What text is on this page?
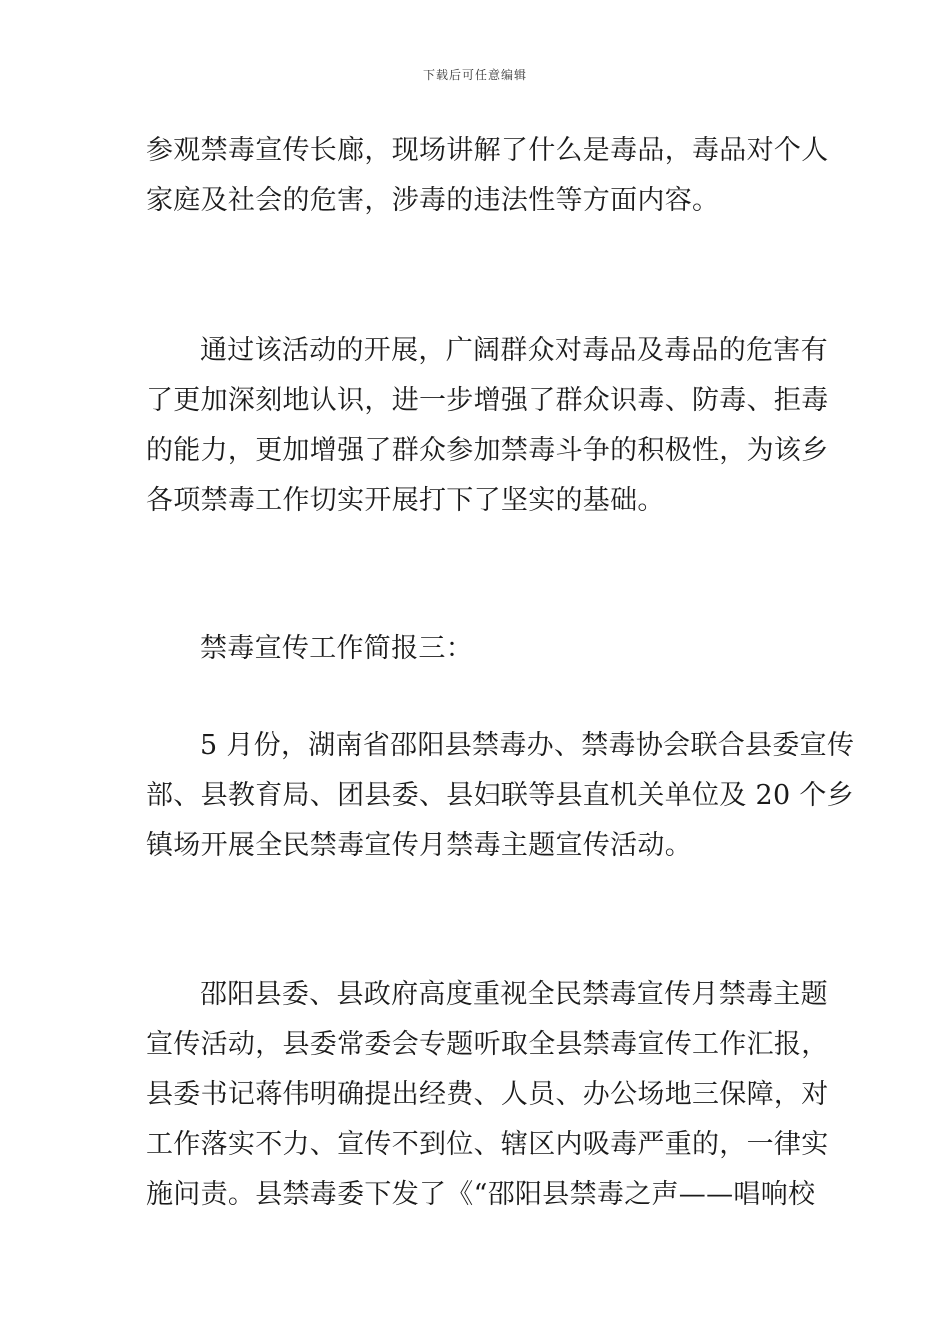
下载后可任意编辑
参观禁毒宣传长廊，现场讲解了什么是毒品，毒品对个人
家庭及社会的危害，涉毒的违法性等方面内容。
通过该活动的开展，广阔群众对毒品及毒品的危害有
了更加深刻地认识，进一步增强了群众识毒、防毒、拒毒
的能力，更加增强了群众参加禁毒斗争的积极性，为该乡
各项禁毒工作切实开展打下了坚实的基础。
禁毒宣传工作简报三：
5 月份，湖南省邵阳县禁毒办、禁毒协会联合县委宣传
部、县教育局、团县委、县妇联等县直机关单位及 20 个乡
镇场开展全民禁毒宣传月禁毒主题宣传活动。
邵阳县委、县政府高度重视全民禁毒宣传月禁毒主题
宣传活动，县委常委会专题听取全县禁毒宣传工作汇报，
县委书记蒋伟明确提出经费、人员、办公场地三保障，对
工作落实不力、宣传不到位、辖区内吸毒严重的，一律实
施问责。县禁毒委下发了《“邵阳县禁毒之声——唱响校
